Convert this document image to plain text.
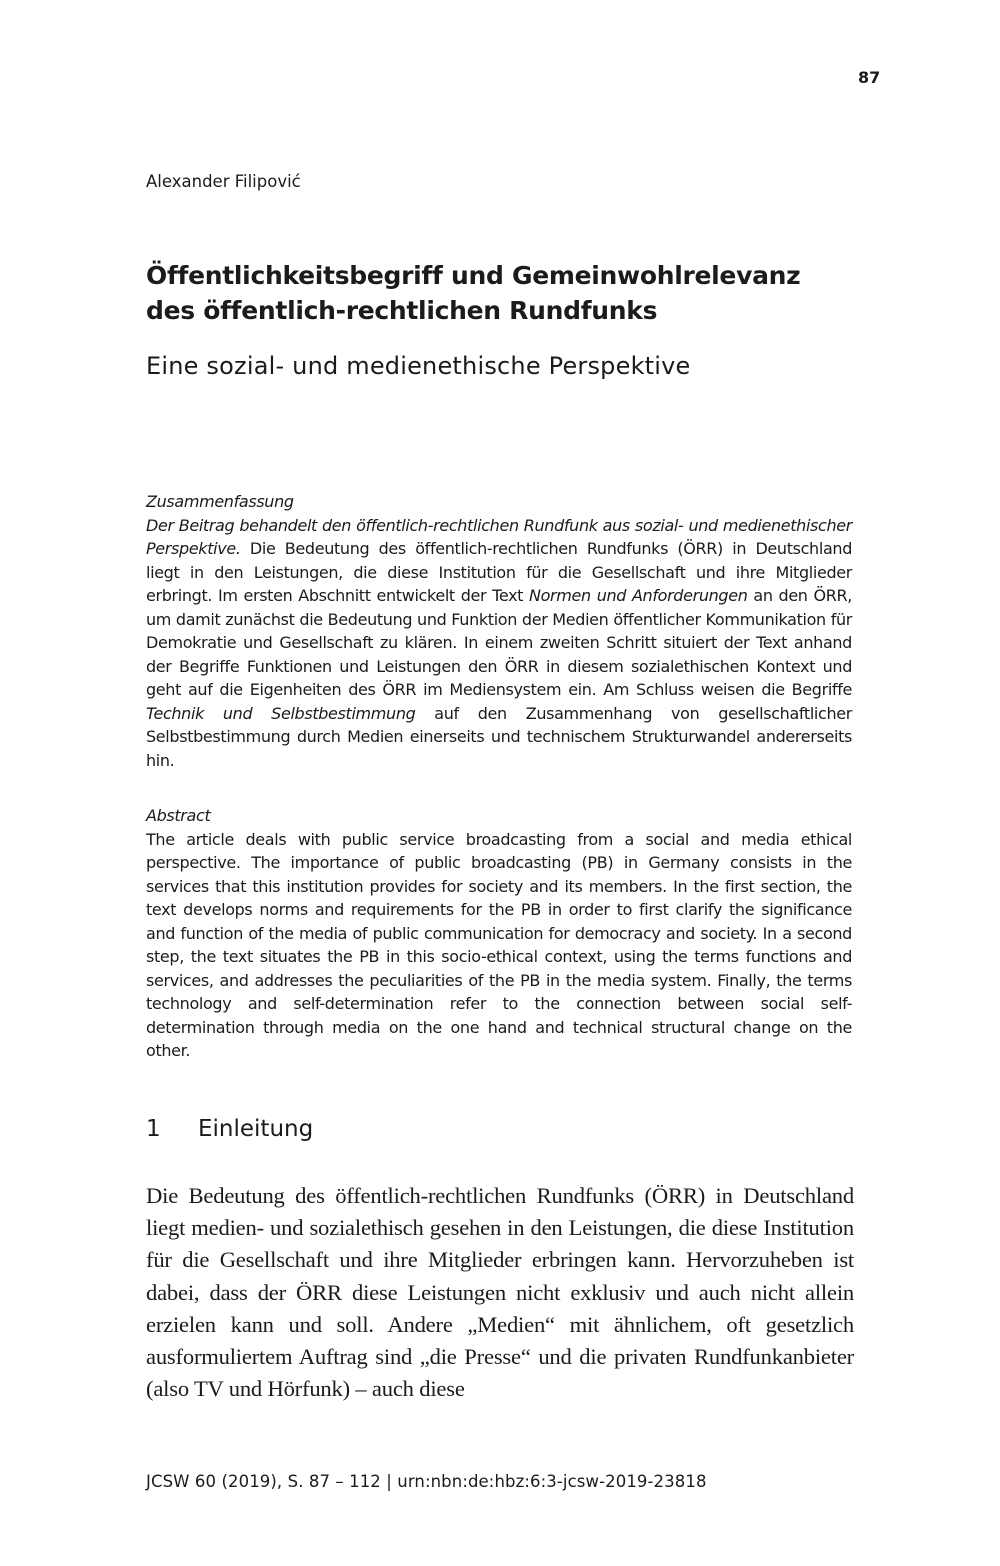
87
Alexander Filipović
Öffentlichkeitsbegriff und Gemeinwohlrelevanz
des öffentlich-rechtlichen Rundfunks
Eine sozial- und medienethische Perspektive
Zusammenfassung

Der Beitrag behandelt den öffentlich-rechtlichen Rundfunk aus sozial- und medienethischer Perspektive. Die Bedeutung des öffentlich-rechtlichen Rundfunks (ÖRR) in Deutschland liegt in den Leistungen, die diese Institution für die Gesellschaft und ihre Mitglieder erbringt. Im ersten Abschnitt entwickelt der Text Normen und Anforderungen an den ÖRR, um damit zunächst die Bedeutung und Funktion der Medien öffentlicher Kommunikation für Demokratie und Gesellschaft zu klären. In einem zweiten Schritt situiert der Text anhand der Begriffe Funktionen und Leistungen den ÖRR in diesem sozialethischen Kontext und geht auf die Eigenheiten des ÖRR im Mediensystem ein. Am Schluss weisen die Begriffe Technik und Selbstbestimmung auf den Zusammenhang von gesellschaftlicher Selbstbestimmung durch Medien einerseits und technischem Strukturwandel andererseits hin.

Abstract

The article deals with public service broadcasting from a social and media ethical perspective. The importance of public broadcasting (PB) in Germany consists in the services that this institution provides for society and its members. In the first section, the text develops norms and requirements for the PB in order to first clarify the significance and function of the media of public communication for democracy and society. In a second step, the text situates the PB in this socio-ethical context, using the terms functions and services, and addresses the peculiarities of the PB in the media system. Finally, the terms technology and self-determination refer to the connection between social self-determination through media on the one hand and technical structural change on the other.

1 Einleitung

Die Bedeutung des öffentlich-rechtlichen Rundfunks (ÖRR) in Deutschland liegt medien- und sozialethisch gesehen in den Leistungen, die diese Institution für die Gesellschaft und ihre Mitglieder erbringen kann. Hervorzuheben ist dabei, dass der ÖRR diese Leistungen nicht exklusiv und auch nicht allein erzielen kann und soll. Andere „Medien“ mit ähnlichem, oft gesetzlich ausformuliertem Auftrag sind „die Presse“ und die privaten Rundfunkanbieter (also TV und Hörfunk) – auch diese

JCSW 60 (2019), S. 87 – 112 | urn:nbn:de:hbz:6:3-jcsw-2019-23818
